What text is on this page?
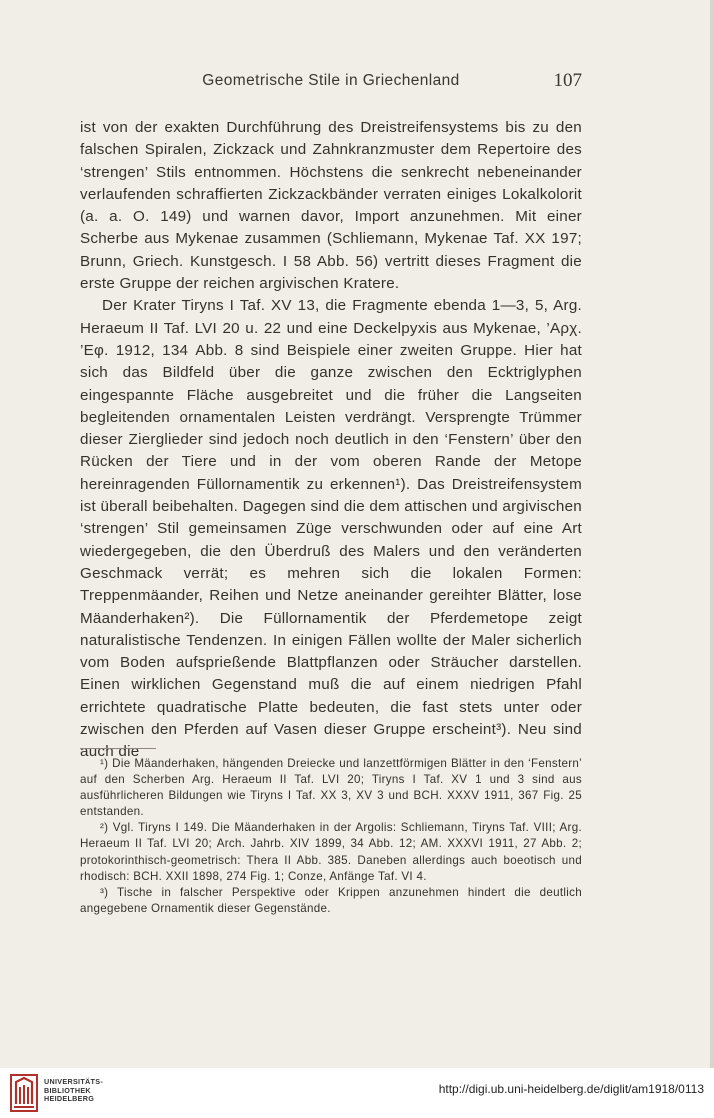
Geometrische Stile in Griechenland	107

ist von der exakten Durchführung des Dreistreifensystems bis zu den falschen Spiralen, Zickzack und Zahnkranzmuster dem Repertoire des ‘strengen’ Stils entnommen. Höchstens die senkrecht nebeneinander verlaufenden schraffierten Zickzackbänder verraten einiges Lokalkolorit (a. a. O. 149) und warnen davor, Import anzunehmen. Mit einer Scherbe aus Mykenae zusammen (Schliemann, Mykenae Taf. XX 197; Brunn, Griech. Kunstgesch. I 58 Abb. 56) vertritt dieses Fragment die erste Gruppe der reichen argivischen Kratere.

Der Krater Tiryns I Taf. XV 13, die Fragmente ebenda 1—3, 5, Arg. Heraeum II Taf. LVI 20 u. 22 und eine Deckelpyxis aus Mykenae, ’Αρχ. ’Εφ. 1912, 134 Abb. 8 sind Beispiele einer zweiten Gruppe. Hier hat sich das Bildfeld über die ganze zwischen den Ecktriglyphen eingespannte Fläche ausgebreitet und die früher die Langseiten begleitenden ornamentalen Leisten verdrängt. Versprengte Trümmer dieser Zierglieder sind jedoch noch deutlich in den ‘Fenstern’ über den Rücken der Tiere und in der vom oberen Rande der Metope hereinragenden Füllornamentik zu erkennen¹). Das Dreistreifensystem ist überall beibehalten. Dagegen sind die dem attischen und argivischen ‘strengen’ Stil gemeinsamen Züge verschwunden oder auf eine Art wiedergegeben, die den Überdruß des Malers und den veränderten Geschmack verrät; es mehren sich die lokalen Formen: Treppenmäander, Reihen und Netze aneinander gereihter Blätter, lose Mäanderhaken²). Die Füllornamentik der Pferdemetope zeigt naturalistische Tendenzen. In einigen Fällen wollte der Maler sicherlich vom Boden aufsprießende Blattpflanzen oder Sträucher darstellen. Einen wirklichen Gegenstand muß die auf einem niedrigen Pfahl errichtete quadratische Platte bedeuten, die fast stets unter oder zwischen den Pferden auf Vasen dieser Gruppe erscheint³). Neu sind auch die

¹) Die Mäanderhaken, hängenden Dreiecke und lanzettförmigen Blätter in den ‘Fenstern’ auf den Scherben Arg. Heraeum II Taf. LVI 20; Tiryns I Taf. XV 1 und 3 sind aus ausführlicheren Bildungen wie Tiryns I Taf. XX 3, XV 3 und BCH. XXXV 1911, 367 Fig. 25 entstanden.

²) Vgl. Tiryns I 149. Die Mäanderhaken in der Argolis: Schliemann, Tiryns Taf. VIII; Arg. Heraeum II Taf. LVI 20; Arch. Jahrb. XIV 1899, 34 Abb. 12; AM. XXXVI 1911, 27 Abb. 2; protokorinthisch-geometrisch: Thera II Abb. 385. Daneben allerdings auch boeotisch und rhodisch: BCH. XXII 1898, 274 Fig. 1; Conze, Anfänge Taf. VI 4.

³) Tische in falscher Perspektive oder Krippen anzunehmen hindert die deutlich angegebene Ornamentik dieser Gegenstände.

UNIVERSITÄTS-
BIBLIOTHEK
HEIDELBERG
http://digi.ub.uni-heidelberg.de/diglit/am1918/0113
